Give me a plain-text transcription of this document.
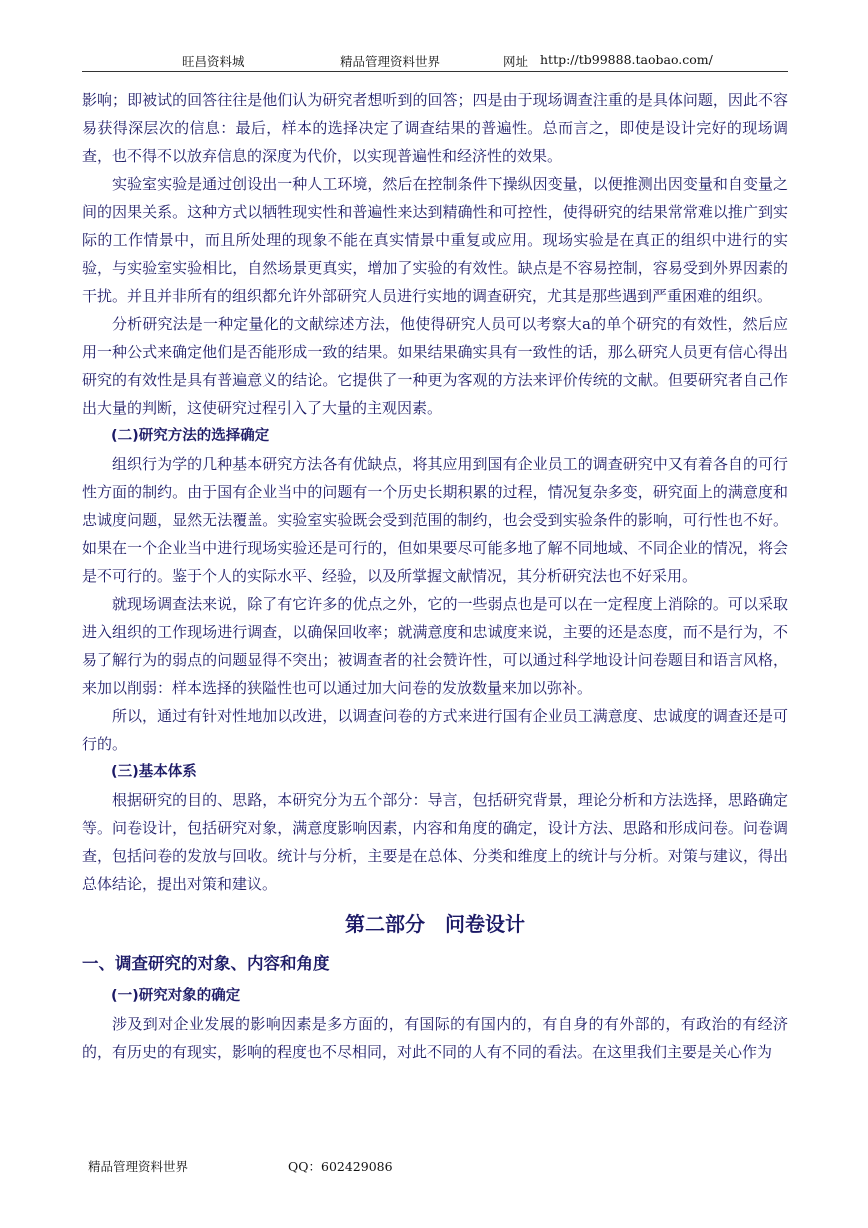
旺昌资料城	精品管理资料世界	网址 http://tb99888.taobao.com/

影响；即被试的回答往往是他们认为研究者想听到的回答；四是由于现场调查注重的是具体问题，因此不容易获得深层次的信息：最后，样本的选择决定了调查结果的普遍性。总而言之，即使是设计完好的现场调查，也不得不以放弃信息的深度为代价，以实现普遍性和经济性的效果。

实验室实验是通过创设出一种人工环境，然后在控制条件下操纵因变量，以便推测出因变量和自变量之间的因果关系。这种方式以牺牲现实性和普遍性来达到精确性和可控性，使得研究的结果常常难以推广到实际的工作情景中，而且所处理的现象不能在真实情景中重复或应用。现场实验是在真正的组织中进行的实验，与实验室实验相比，自然场景更真实，增加了实验的有效性。缺点是不容易控制，容易受到外界因素的干扰。并且并非所有的组织都允许外部研究人员进行实地的调查研究，尤其是那些遇到严重困难的组织。

分析研究法是一种定量化的文献综述方法，他使得研究人员可以考察大a的单个研究的有效性，然后应用一种公式来确定他们是否能形成一致的结果。如果结果确实具有一致性的话，那么研究人员更有信心得出研究的有效性是具有普遍意义的结论。它提供了一种更为客观的方法来评价传统的文献。但要研究者自己作出大量的判断，这使研究过程引入了大量的主观因素。

(二)研究方法的选择确定

组织行为学的几种基本研究方法各有优缺点，将其应用到国有企业员工的调查研究中又有着各自的可行性方面的制约。由于国有企业当中的问题有一个历史长期积累的过程，情况复杂多变，研究面上的满意度和忠诚度问题，显然无法覆盖。实验室实验既会受到范围的制约，也会受到实验条件的影响，可行性也不好。如果在一个企业当中进行现场实验还是可行的，但如果要尽可能多地了解不同地域、不同企业的情况，将会是不可行的。鉴于个人的实际水平、经验，以及所掌握文献情况，其分析研究法也不好采用。

就现场调查法来说，除了有它许多的优点之外，它的一些弱点也是可以在一定程度上消除的。可以采取进入组织的工作现场进行调查，以确保回收率；就满意度和忠诚度来说，主要的还是态度，而不是行为，不易了解行为的弱点的问题显得不突出；被调查者的社会赞许性，可以通过科学地设计问卷题目和语言风格，来加以削弱：样本选择的狭隘性也可以通过加大问卷的发放数量来加以弥补。

所以，通过有针对性地加以改进，以调查问卷的方式来进行国有企业员工满意度、忠诚度的调查还是可行的。

(三)基本体系

根据研究的目的、思路，本研究分为五个部分：导言，包括研究背景，理论分析和方法选择，思路确定等。问卷设计，包括研究对象，满意度影响因素，内容和角度的确定，设计方法、思路和形成问卷。问卷调查，包括问卷的发放与回收。统计与分析，主要是在总体、分类和维度上的统计与分析。对策与建议，得出总体结论，提出对策和建议。

第二部分　问卷设计
一、调查研究的对象、内容和角度
(一)研究对象的确定

涉及到对企业发展的影响因素是多方面的，有国际的有国内的，有自身的有外部的，有政治的有经济的，有历史的有现实，影响的程度也不尽相同，对此不同的人有不同的看法。在这里我们主要是关心作为

精品管理资料世界	QQ：602429086
